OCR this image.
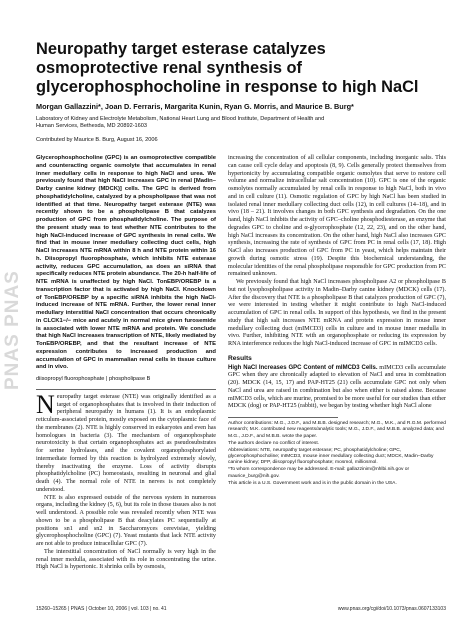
PNAS PNAS
Neuropathy target esterase catalyzes osmoprotective renal synthesis of glycerophosphocholine in response to high NaCl
Morgan Gallazzini*, Joan D. Ferraris, Margarita Kunin, Ryan G. Morris, and Maurice B. Burg*
Laboratory of Kidney and Electrolyte Metabolism, National Heart Lung and Blood Institute, Department of Health and Human Services, Bethesda, MD 20892-1603
Contributed by Maurice B. Burg, August 16, 2006

Glycerophosphocholine (GPC) is an osmoprotective compatible and counteracting organic osmolyte that accumulates in renal inner medullary cells in response to high NaCl and urea. We previously found that high NaCl increases GPC in renal [Madin–Darby canine kidney (MDCK)] cells. The GPC is derived from phosphatidylcholine, catalyzed by a phospholipase that was not identified at that time. Neuropathy target esterase (NTE) was recently shown to be a phospholipase B that catalyzes production of GPC from phosphatidylcholine. The purpose of the present study was to test whether NTE contributes to the high NaCl-induced increase of GPC synthesis in renal cells. We find that in mouse inner medullary collecting duct cells, high NaCl increases NTE mRNA within 8 h and NTE protein within 16 h. Diisopropyl fluorophosphate, which inhibits NTE esterase activity, reduces GPC accumulation, as does an siRNA that specifically reduces NTE protein abundance. The 20-h half-life of NTE mRNA is unaffected by high NaCl. TonEBP/OREBP is a transcription factor that is activated by high NaCl. Knockdown of TonEBP/OREBP by a specific siRNA inhibits the high NaCl-induced increase of NTE mRNA. Further, the lower renal inner medullary interstitial NaCl concentration that occurs chronically in CLCK1−/− mice and acutely in normal mice given furosemide is associated with lower NTE mRNA and protein. We conclude that high NaCl increases transcription of NTE, likely mediated by TonEBP/OREBP, and that the resultant increase of NTE expression contributes to increased production and accumulation of GPC in mammalian renal cells in tissue culture and in vivo.

diisopropyl fluorophosphate | phospholipase B

Neuropathy target esterase (NTE) was originally identified as a target of organophosphates that is involved in their induction of peripheral neuropathy in humans (1). It is an endoplasmic reticulum-associated protein, mostly exposed on the cytoplasmic face of the membranes (2). NTE is highly conserved in eukaryotes and even has homologues in bacteria (3). The mechanism of organophosphate neurotoxicity is that certain organophosphates act as pseudosubstrates for serine hydrolases, and the covalent organophosphorylated intermediate formed by this reaction is hydrolyzed extremely slowly, thereby inactivating the enzyme. Loss of activity disrupts phosphatidylcholine (PC) homeostasis, resulting in neuronal and glial death (4). The normal role of NTE in nerves is not completely understood.

NTE is also expressed outside of the nervous system in numerous organs, including the kidney (5, 6), but its role in those tissues also is not well understood. A possible role was revealed recently when NTE was shown to be a phospholipase B that deacylates PC sequentially at positions sn1 and sn2 in Saccharomyces cerevisiae, yielding glycerophosphocholine (GPC) (7). Yeast mutants that lack NTE activity are not able to produce intracellular GPC (7).

The interstitial concentration of NaCl normally is very high in the renal inner medulla, associated with its role in concentrating the urine. High NaCl is hypertonic. It shrinks cells by osmosis,

increasing the concentration of all cellular components, including inorganic salts. This can cause cell cycle delay and apoptosis (8, 9). Cells generally protect themselves from hypertonicity by accumulating compatible organic osmolytes that serve to restore cell volume and normalize intracellular salt concentration (10). GPC is one of the organic osmolytes normally accumulated by renal cells in response to high NaCl, both in vivo and in cell culture (11). Osmotic regulation of GPC by high NaCl has been studied in isolated renal inner medullary collecting duct cells (12), in cell cultures (14–18), and in vivo (18 – 21). It involves changes in both GPC synthesis and degradation. On the one hand, high NaCl inhibits the activity of GPC–choline phosphodiesterase, an enzyme that degrades GPC to choline and α-glycerophosphate (12, 22, 23), and on the other hand, high NaCl increases its concentration. On the other hand, high NaCl also increases GPC synthesis, increasing the rate of synthesis of GPC from PC in renal cells (17, 18). High NaCl also increases production of GPC from PC in yeast, which helps maintain their growth during osmotic stress (19). Despite this biochemical understanding, the molecular identities of the renal phospholipase responsible for GPC production from PC remained unknown.

We previously found that high NaCl increases phospholipase A2 or phospholipase B but not lysophospholipase activity in Madin–Darby canine kidney (MDCK) cells (17). After the discovery that NTE is a phospholipase B that catalyzes production of GPC (7), we were interested in testing whether it might contribute to high NaCl-induced accumulation of GPC in renal cells. In support of this hypothesis, we find in the present study that high salt increases NTE mRNA and protein expression in mouse inner medullary collecting duct (mIMCD3) cells in culture and in mouse inner medulla in vivo. Further, inhibiting NTE with an organophosphate or reducing its expression by RNA interference reduces the high NaCl-induced increase of GPC in mIMCD3 cells.

Results

High NaCl Increases GPC Content of mIMCD3 Cells. mIMCD3 cells accumulate GPC when they are chronically adapted to elevation of NaCl and urea in combination (20). MDCK (14, 15, 17) and PAP-HT25 (21) cells accumulate GPC not only when NaCl and urea are raised in combination but also when either is raised alone. Because mIMCD3 cells, which are murine, promised to be more useful for our studies than either MDCK (dog) or PAP-HT25 (rabbit), we began by testing whether high NaCl alone

Author contributions: M.G., J.D.F., and M.B.B. designed research; M.G., M.K., and R.G.M. performed research; M.K. contributed new reagents/analytic tools; M.G., J.D.F., and M.B.B. analyzed data; and M.G., J.D.F., and M.B.B. wrote the paper.

The authors declare no conflict of interest.

Abbreviations: NTE, neuropathy target esterase; PC, phosphatidylcholine; GPC, glycerophosphocholine; mIMCD3, mouse inner medullary collecting duct; MDCK, Madin–Darby canine kidney; DFP, diisopropyl fluorophosphate; mosmol, milliosmol.

*To whom correspondence may be addressed. E-mail: gallazzinim@nhlbi.nih.gov or maurice_burg@nih.gov.

This article is a U.S. Government work and is in the public domain in the USA.

15260–15265 | PNAS | October 10, 2006 | vol. 103 | no. 41	www.pnas.org/cgi/doi/10.1073/pnas.0607133103
